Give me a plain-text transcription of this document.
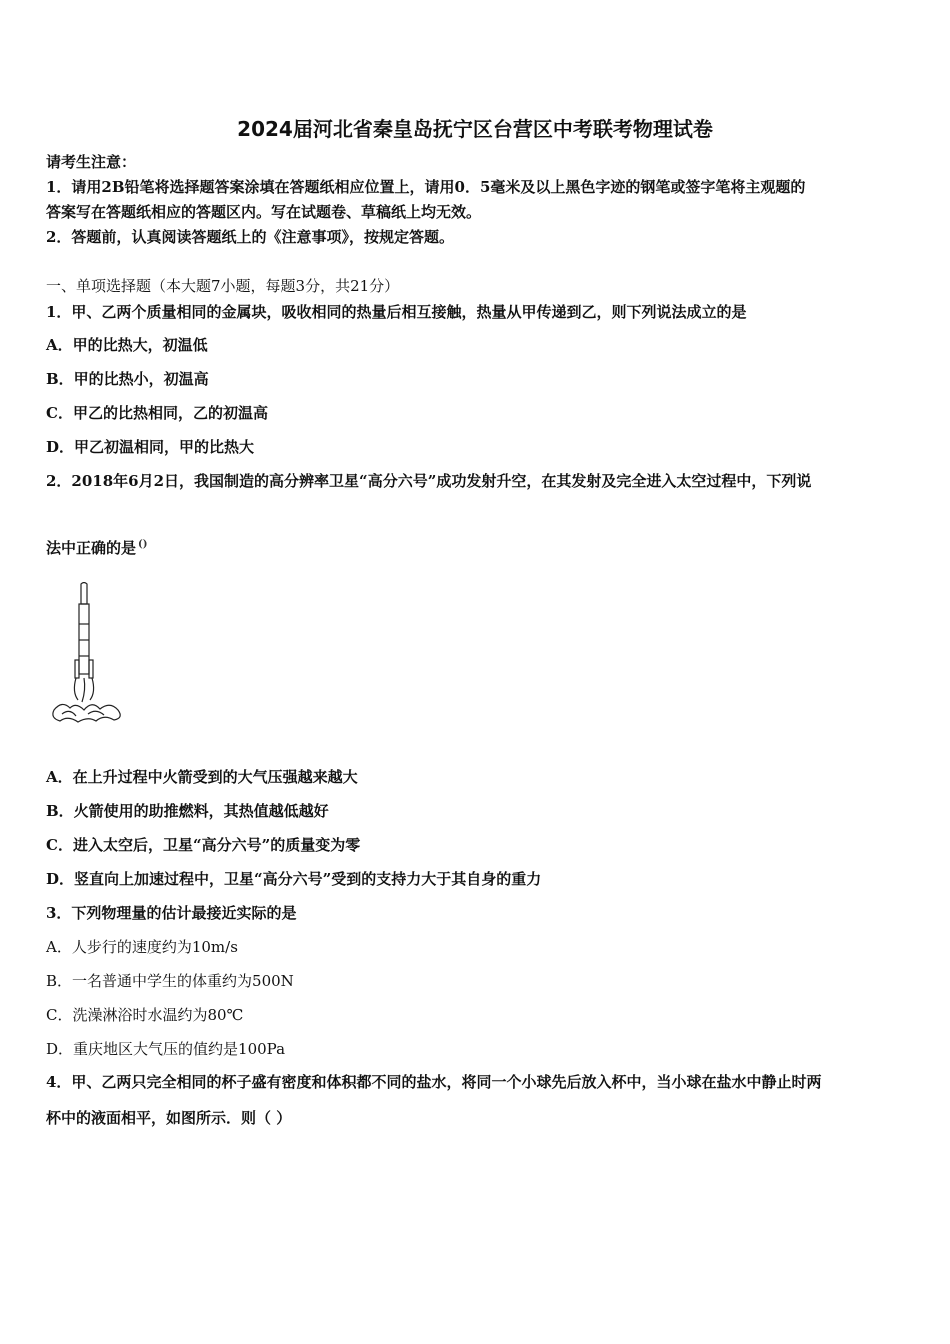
2024届河北省秦皇岛抚宁区台营区中考联考物理试卷
请考生注意：
1．请用2B铅笔将选择题答案涂填在答题纸相应位置上，请用0．5毫米及以上黑色字迹的钢笔或签字笔将主观题的
答案写在答题纸相应的答题区内。写在试题卷、草稿纸上均无效。
2．答题前，认真阅读答题纸上的《注意事项》，按规定答题。
一、单项选择题（本大题7小题，每题3分，共21分）
1．甲、乙两个质量相同的金属块，吸收相同的热量后相互接触，热量从甲传递到乙，则下列说法成立的是
A．甲的比热大，初温低
B．甲的比热小，初温高
C．甲乙的比热相同，乙的初温高
D．甲乙初温相同，甲的比热大
2．2018年6月2日，我国制造的高分辨率卫星“高分六号”成功发射升空，在其发射及完全进入太空过程中，下列说
法中正确的是 ()
A．在上升过程中火箭受到的大气压强越来越大
B．火箭使用的助推燃料，其热值越低越好
C．进入太空后，卫星“高分六号”的质量变为零
D．竖直向上加速过程中，卫星“高分六号”受到的支持力大于其自身的重力
3．下列物理量的估计最接近实际的是
A．人步行的速度约为10m/s
B．一名普通中学生的体重约为500N
C．洗澡淋浴时水温约为80℃
D．重庆地区大气压的值约是100Pa
4．甲、乙两只完全相同的杯子盛有密度和体积都不同的盐水，将同一个小球先后放入杯中，当小球在盐水中静止时两
杯中的液面相平，如图所示．则（ ）
